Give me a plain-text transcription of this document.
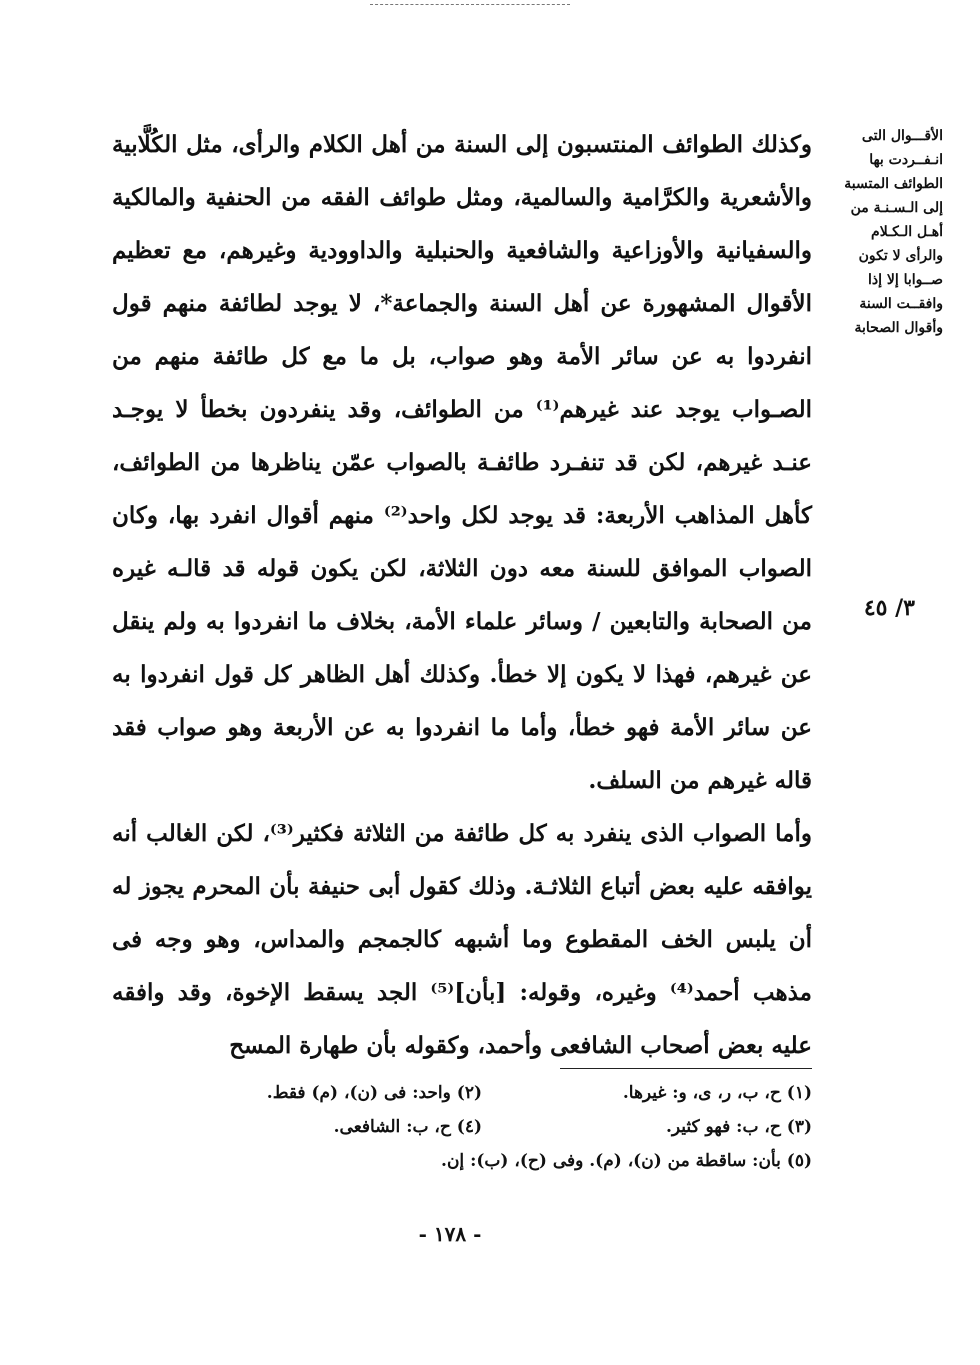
الأقـــوال التى
انـفــردت بها
الطوائف المتسبة
إلى الـسـنـة من
أهـل الـكـلام
والرأى لا تكون
صــوابا إلا إذا
وافقــت السنة
وأقوال الصحابة
٣/ ٤٥

وكذلك الطوائف المنتسبون إلى السنة من أهل الكلام والرأى، مثل الكُلَّابية والأشعرية والكرَّامية والسالمية، ومثل طوائف الفقه من الحنفية والمالكية والسفيانية والأوزاعية والشافعية والحنبلية والداوودية وغيرهم، مع تعظيم الأقوال المشهورة عن أهل السنة والجماعة*، لا يوجد لطائفة منهم قول انفردوا به عن سائر الأمة وهو صواب، بل ما مع كل طائفة منهم من الصـواب يوجد عند غيرهم⁽¹⁾ من الطوائف، وقد ينفردون بخطأ لا يوجـد عنـد غيرهم، لكن قد تنفـرد طائفـة بالصواب عمّن يناظرها من الطوائف، كأهل المذاهب الأربعة: قد يوجد لكل واحد⁽²⁾ منهم أقوال انفرد بها، وكان الصواب الموافق للسنة معه دون الثلاثة، لكن يكون قوله قد قالـه غيره من الصحابة والتابعين / وسائر علماء الأمة، بخلاف ما انفردوا به ولم ينقل عن غيرهم، فهذا لا يكون إلا خطأ. وكذلك أهل الظاهر كل قول انفردوا به عن سائر الأمة فهو خطأ، وأما ما انفردوا به عن الأربعة وهو صواب فقد قاله غيرهم من السلف.

وأما الصواب الذى ينفرد به كل طائفة من الثلاثة فكثير⁽³⁾، لكن الغالب أنه يوافقه عليه بعض أتباع الثلاثـة. وذلك كقول أبى حنيفة بأن المحرم يجوز له أن يلبس الخف المقطوع وما أشبهه كالجمجم والمداس، وهو وجه فى مذهب أحمد⁽⁴⁾ وغيره، وقوله: [بأن]⁽⁵⁾ الجد يسقط الإخوة، وقد وافقه عليه بعض أصحاب الشافعى وأحمد، وكقوله بأن طهارة المسح

(١) ح، ب، ر، ى، و: غيرها.
(٢) واحد: فى (ن)، (م) فقط.
(٣) ح، ب: فهو كثير.
(٤) ح، ب: الشافعى.
(٥) بأن: ساقطة من (ن)، (م). وفى (ح)، (ب): إن.
- ١٧٨ -
